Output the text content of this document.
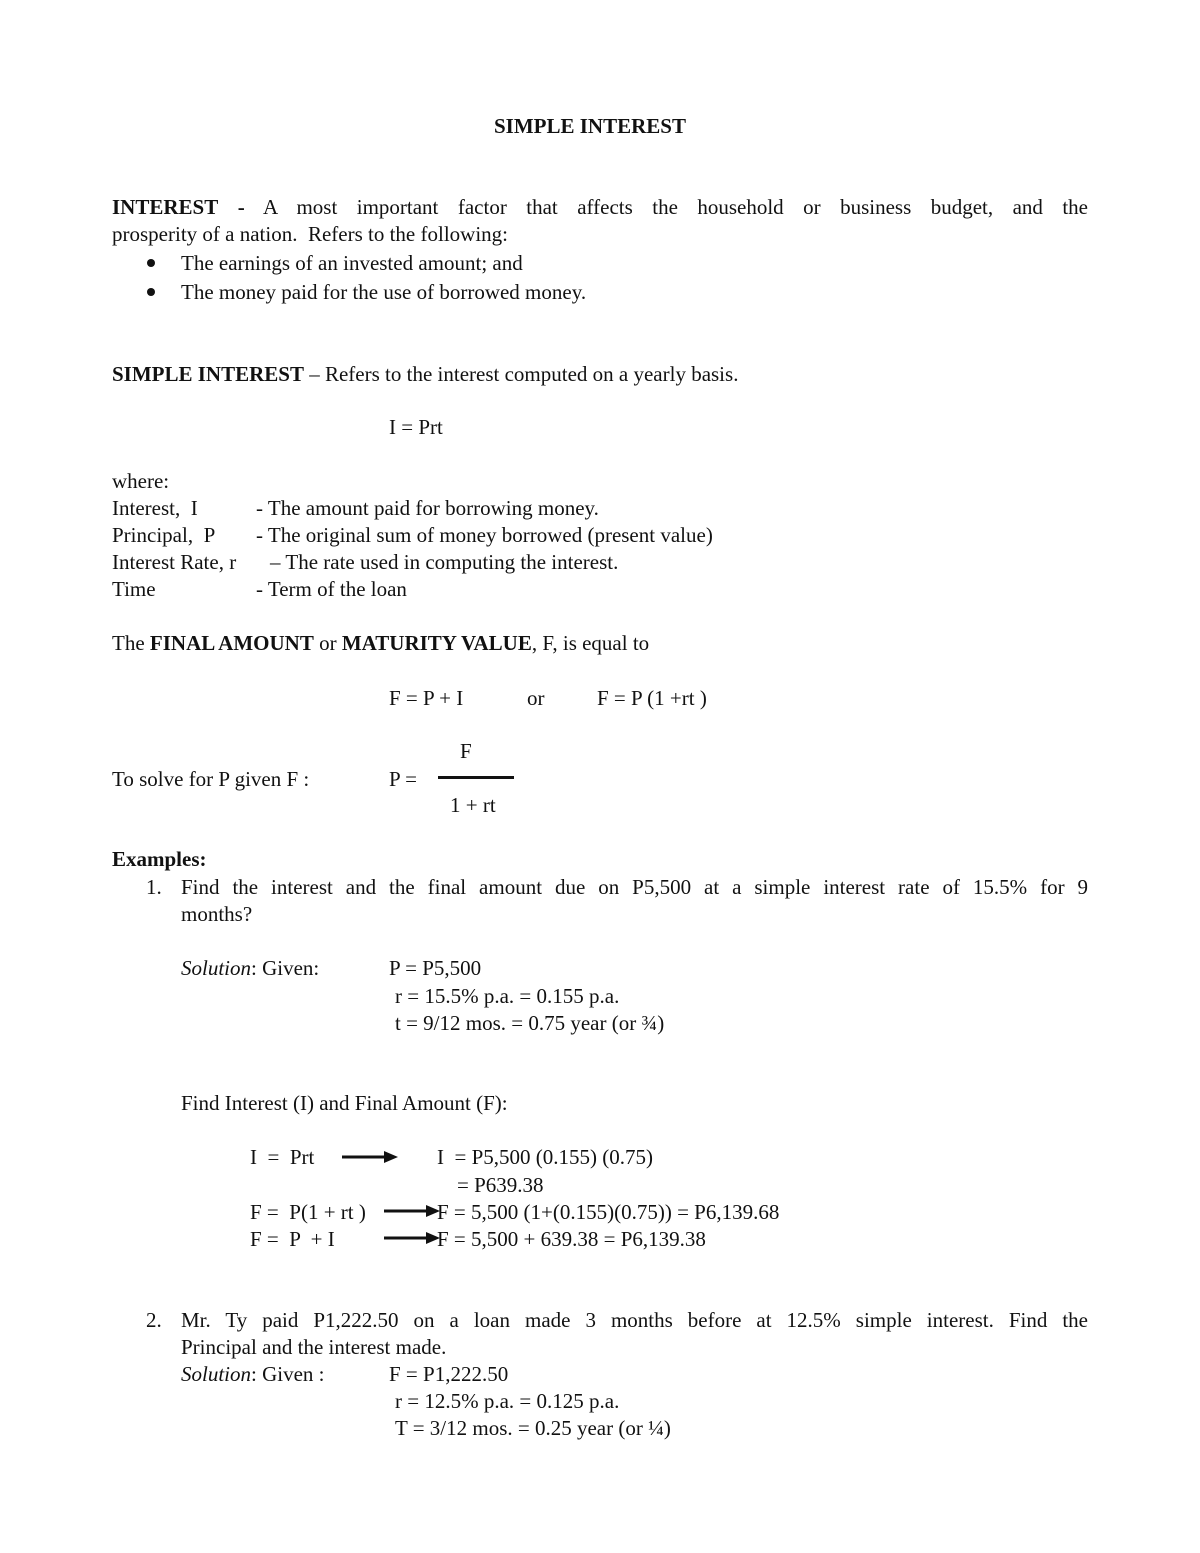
SIMPLE INTEREST
INTEREST - A most important factor that affects the household or business budget, and the
prosperity of a nation.  Refers to the following:
The earnings of an invested amount; and
The money paid for the use of borrowed money.
SIMPLE INTEREST – Refers to the interest computed on a yearly basis.
I = Prt
where:
Interest,  I	- The amount paid for borrowing money.
Principal,  P - The original sum of money borrowed (present value)
Interest Rate, r – The rate used in computing the interest.
Time	- Term of the loan
The FINAL AMOUNT or MATURITY VALUE, F, is equal to
F = P + I	or	F = P (1 +rt )
F
To solve for P given F :	P =
1 + rt
Examples:
1. Find the interest and the final amount due on P5,500 at a simple interest rate of 15.5% for 9
months?
Solution: Given:	P = P5,500
r = 15.5% p.a. = 0.155 p.a.
t = 9/12 mos. = 0.75 year (or ¾)
Find Interest (I) and Final Amount (F):
I  =  Prt	I  = P5,500 (0.155) (0.75)
= P639.38
F =  P(1 + rt )	F = 5,500 (1+(0.155)(0.75)) = P6,139.68
F =  P  + I	F = 5,500 + 639.38 = P6,139.38
2. Mr. Ty paid P1,222.50 on a loan made 3 months before at 12.5% simple interest. Find the
Principal and the interest made.
Solution: Given :	F = P1,222.50
r = 12.5% p.a. = 0.125 p.a.
T = 3/12 mos. = 0.25 year (or ¼)
